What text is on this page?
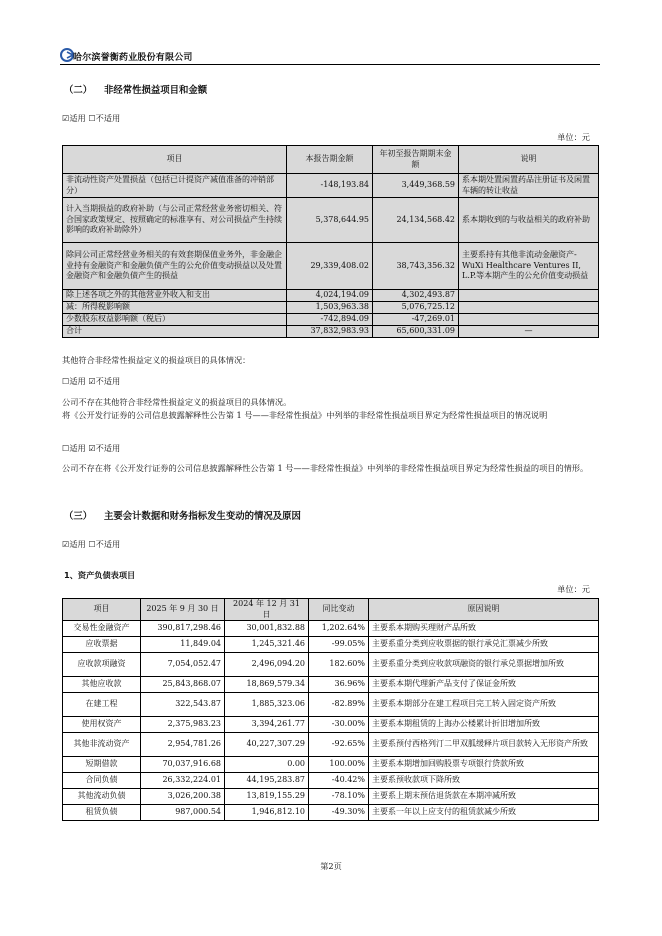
哈尔滨誉衡药业股份有限公司
（二） 非经常性损益项目和金额
☑适用 ☐不适用
单位：元
项目	本报告期金额	年初至报告期期末金额	说明
非流动性资产处置损益（包括已计提资产减值准备的冲销部分）	-148,193.84	3,449,368.59	系本期处置闲置药品注册证书及闲置车辆的转让收益
计入当期损益的政府补助（与公司正常经营业务密切相关、符合国家政策规定、按照确定的标准享有、对公司损益产生持续影响的政府补助除外）	5,378,644.95	24,134,568.42	系本期收到的与收益相关的政府补助
除同公司正常经营业务相关的有效套期保值业务外，非金融企业持有金融资产和金融负债产生的公允价值变动损益以及处置金融资产和金融负债产生的损益	29,339,408.02	38,743,356.32	主要系持有其他非流动金融资产-WuXi Healthcare Ventures II, L.P.等本期产生的公允价值变动损益
除上述各项之外的其他营业外收入和支出	4,024,194.09	4,302,493.87	
减：所得税影响额	1,503,963.38	5,076,725.12	
少数股东权益影响额（税后）	-742,894.09	-47,269.01	
合计	37,832,983.93	65,600,331.09	—
其他符合非经常性损益定义的损益项目的具体情况：
☐适用 ☑不适用
公司不存在其他符合非经常性损益定义的损益项目的具体情况。
将《公开发行证券的公司信息披露解释性公告第 1 号——非经常性损益》中列举的非经常性损益项目界定为经常性损益项目的情况说明
☐适用 ☑不适用
公司不存在将《公开发行证券的公司信息披露解释性公告第 1 号——非经常性损益》中列举的非经常性损益项目界定为经常性损益的项目的情形。
（三） 主要会计数据和财务指标发生变动的情况及原因
☑适用 ☐不适用
1、资产负债表项目
单位：元
项目	2025 年 9 月 30 日	2024 年 12 月 31 日	同比变动	原因说明
交易性金融资产	390,817,298.46	30,001,832.88	1,202.64%	主要系本期购买理财产品所致
应收票据	11,849.04	1,245,321.46	-99.05%	主要系重分类到应收票据的银行承兑汇票减少所致
应收款项融资	7,054,052.47	2,496,094.20	182.60%	主要系重分类到应收款项融资的银行承兑票据增加所致
其他应收款	25,843,868.07	18,869,579.34	36.96%	主要系本期代理新产品支付了保证金所致
在建工程	322,543.87	1,885,323.06	-82.89%	主要系本期部分在建工程项目完工转入固定资产所致
使用权资产	2,375,983.23	3,394,261.77	-30.00%	主要系本期租赁的上海办公楼累计折旧增加所致
其他非流动资产	2,954,781.26	40,227,307.29	-92.65%	主要系预付西格列汀二甲双胍缓释片项目款转入无形资产所致
短期借款	70,037,916.68	0.00	100.00%	主要系本期增加回购股票专项银行贷款所致
合同负债	26,332,224.01	44,195,283.87	-40.42%	主要系预收款项下降所致
其他流动负债	3,026,200.38	13,819,155.29	-78.10%	主要系上期末预估退货款在本期冲减所致
租赁负债	987,000.54	1,946,812.10	-49.30%	主要系一年以上应支付的租赁款减少所致
第2页
